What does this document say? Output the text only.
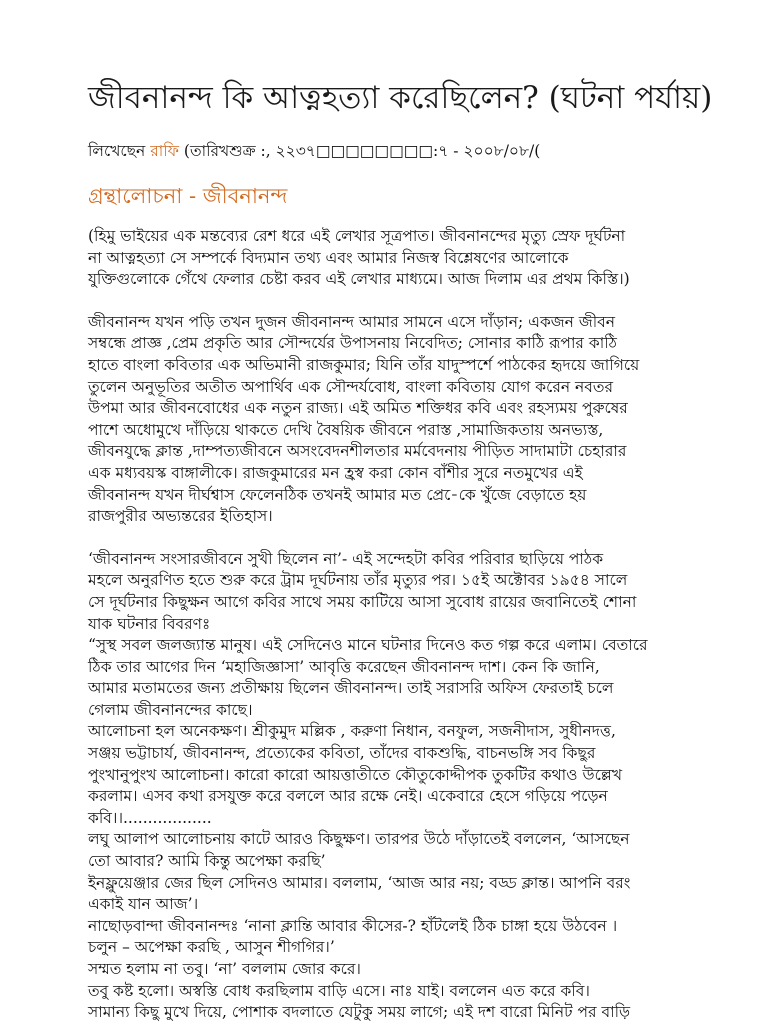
জীবনানন্দ কি আত্নহত্যা করেছিলেন? (ঘটনা পর্যায়)
লিখেছেন রাফি (তারিখশুক্র :, ২২৩৭□□□□□□□□:৭ - ২০০৮/০৮/(
গ্রন্থালোচনা - জীবনানন্দ
(হিমু ভাইয়ের এক মন্তব্যের রেশ ধরে এই লেখার সূত্রপাত। জীবনানন্দের মৃত্যু স্রেফ দূর্ঘটনা
না আত্নহত্যা সে সম্পর্কে বিদ্যমান তথ্য এবং আমার নিজস্ব বিশ্লেষণের আলোকে
যুক্তিগুলোকে গেঁথে ফেলার চেষ্টা করব এই লেখার মাধ্যমে। আজ দিলাম এর প্রথম কিস্তি।)
জীবনানন্দ যখন পড়ি তখন দুজন জীবনানন্দ আমার সামনে এসে দাঁড়ান; একজন জীবন
সম্বন্ধে প্রাজ্ঞ ,প্রেম প্রকৃতি আর সৌন্দর্যের উপাসনায় নিবেদিত; সোনার কাঠি রূপার কাঠি
হাতে বাংলা কবিতার এক অভিমানী রাজকুমার; যিনি তাঁর যাদুস্পর্শে পাঠকের হৃদয়ে জাগিয়ে
তুলেন অনুভূতির অতীত অপার্থিব এক সৌন্দর্যবোধ, বাংলা কবিতায় যোগ করেন নবতর
উপমা আর জীবনবোধের এক নতুন রাজ্য। এই অমিত শক্তিধর কবি এবং রহস্যময় পুরুষের
পাশে অধোমুখে দাঁড়িয়ে থাকতে দেখি বৈষয়িক জীবনে পরাস্ত ,সামাজিকতায় অনভ্যস্ত,
জীবনযুদ্ধে ক্লান্ত ,দাম্পত্যজীবনে অসংবেদনশীলতার মর্মবেদনায় পীড়িত সাদামাটা চেহারার
এক মধ্যবয়স্ক বাঙ্গালীকে। রাজকুমারের মন হ্রস্ব করা কোন বাঁশীর সুরে নতমুখের এই
জীবনানন্দ যখন দীর্ঘশ্বাস ফেলেনঠিক তখনই আমার মত প্রে-েকে খুঁজে বেড়াতে হয়
রাজপুরীর অভ্যন্তরের ইতিহাস।
‘জীবনানন্দ সংসারজীবনে সুখী ছিলেন না’- এই সন্দেহটা কবির পরিবার ছাড়িয়ে পাঠক
মহলে অনুরণিত হতে শুরু করে ট্রাম দূর্ঘটনায় তাঁর মৃত্যুর পর। ১৫ই অক্টোবর ১৯৫৪ সালে
সে দূর্ঘটনার কিছুক্ষন আগে কবির সাথে সময় কাটিয়ে আসা সুবোধ রায়ের জবানিতেই শোনা
যাক ঘটনার বিবরণঃ
“সুস্থ সবল জলজ্যান্ত মানুষ। এই সেদিনেও মানে ঘটনার দিনেও কত গল্প করে এলাম। বেতারে
ঠিক তার আগের দিন ‘মহাজিজ্ঞাসা’ আবৃত্তি করেছেন জীবনানন্দ দাশ। কেন কি জানি,
আমার মতামতের জন্য প্রতীক্ষায় ছিলেন জীবনানন্দ। তাই সরাসরি অফিস ফেরতাই চলে
গেলাম জীবনানন্দের কাছে।
আলোচনা হল অনেকক্ষণ। শ্রীকুমুদ মল্লিক , করুণা নিধান, বনফুল, সজনীদাস, সুধীনদত্ত,
সঞ্জয় ভট্টাচার্য, জীবনানন্দ, প্রত্যেকের কবিতা, তাঁদের বাকশুদ্ধি, বাচনভঙ্গি সব কিছুর
পুংখানুপুংখ আলোচনা। কারো কারো আয়ত্তাতীতে কৌতুকোদ্দীপক তুকটির কথাও উল্লেখ
করলাম। এসব কথা রসযুক্ত করে বললে আর রক্ষে নেই। একেবারে হেসে গড়িয়ে পড়েন
কবি।।..................
লঘু আলাপ আলোচনায় কাটে আরও কিছুক্ষণ। তারপর উঠে দাঁড়াতেই বললেন, ‘আসছেন
তো আবার? আমি কিন্তু অপেক্ষা করছি’
ইনফ্লুয়েঞ্জার জের ছিল সেদিনও আমার। বললাম, ‘আজ আর নয়; বড্ড ক্লান্ত। আপনি বরং
একাই যান আজ’।
নাছোড়বান্দা জীবনানন্দঃ ‘নানা ক্লান্তি আবার কীসের-? হাঁটলেই ঠিক চাঙ্গা হয়ে উঠবেন ।
চলুন – অপেক্ষা করছি , আসুন শীগগির।’
সম্মত হলাম না তবু। ‘না’ বললাম জোর করে।
তবু কষ্ট হলো। অস্বস্তি বোধ করছিলাম বাড়ি এসে। নাঃ যাই। বললেন এত করে কবি।
সামান্য কিছু মুখে দিয়ে, পোশাক বদলাতে যেটুকু সময় লাগে; এই দশ বারো মিনিট পর বাড়ি
